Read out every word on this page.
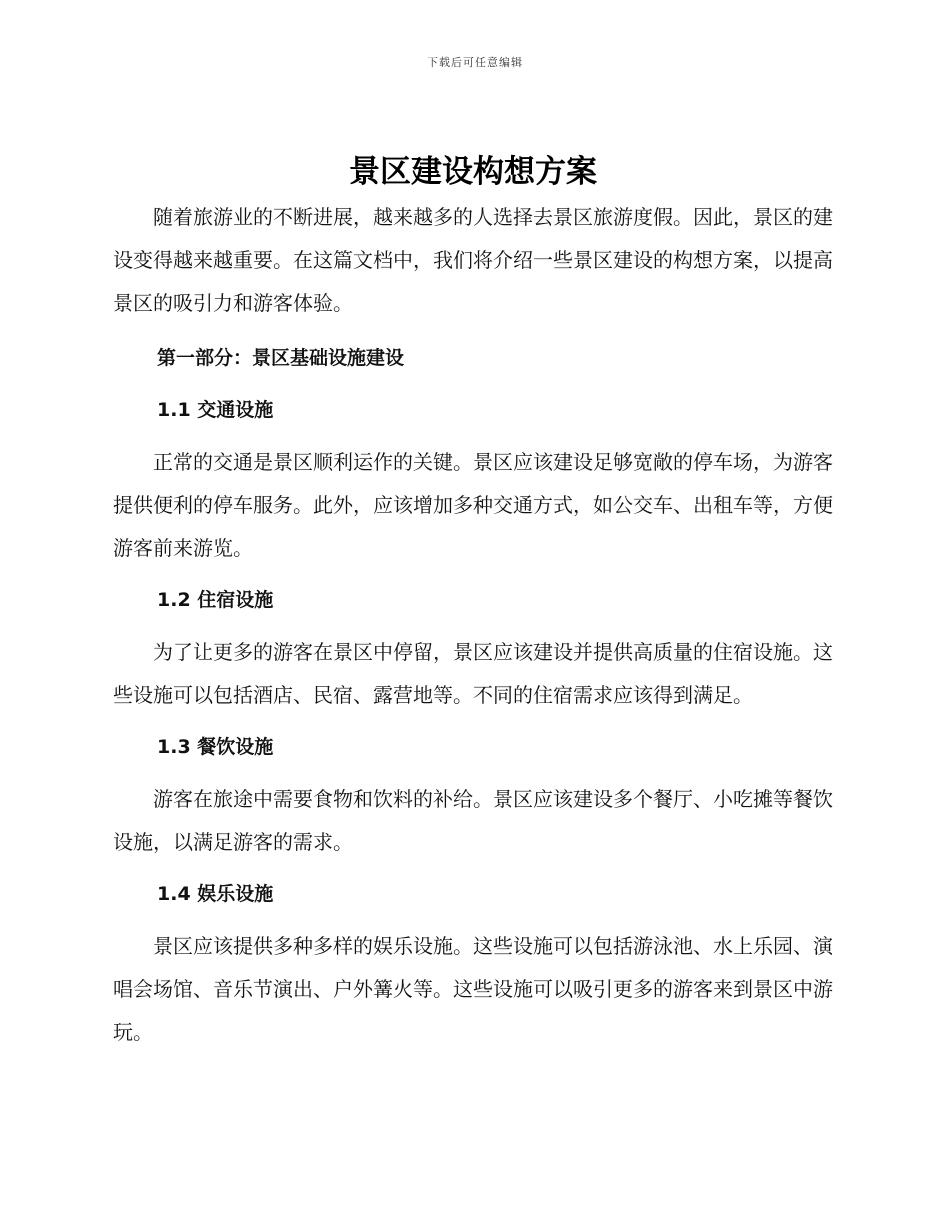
下载后可任意编辑
景区建设构想方案

随着旅游业的不断进展，越来越多的人选择去景区旅游度假。因此，景区的建设变得越来越重要。在这篇文档中，我们将介绍一些景区建设的构想方案，以提高景区的吸引力和游客体验。

第一部分：景区基础设施建设

1.1 交通设施

正常的交通是景区顺利运作的关键。景区应该建设足够宽敞的停车场，为游客提供便利的停车服务。此外，应该增加多种交通方式，如公交车、出租车等，方便游客前来游览。

1.2 住宿设施

为了让更多的游客在景区中停留，景区应该建设并提供高质量的住宿设施。这些设施可以包括酒店、民宿、露营地等。不同的住宿需求应该得到满足。

1.3 餐饮设施

游客在旅途中需要食物和饮料的补给。景区应该建设多个餐厅、小吃摊等餐饮设施，以满足游客的需求。

1.4 娱乐设施

景区应该提供多种多样的娱乐设施。这些设施可以包括游泳池、水上乐园、演唱会场馆、音乐节演出、户外篝火等。这些设施可以吸引更多的游客来到景区中游玩。
